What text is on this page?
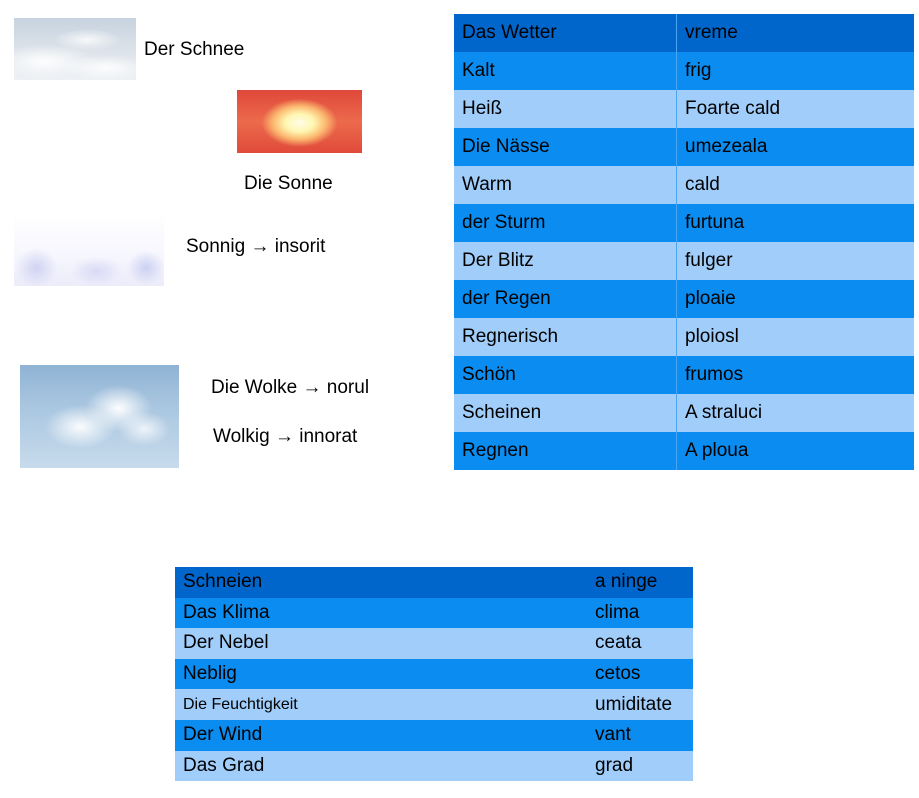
Der Schnee
Die Sonne
Sonnig → insorit
Die Wolke → norul
Wolkig → innorat
Das Wetter	vreme
Kalt	frig
Heiß	Foarte cald
Die Nässe	umezeala
Warm	cald
der Sturm	furtuna
Der Blitz	fulger
der Regen	ploaie
Regnerisch	ploiosl
Schön	frumos
Scheinen	A straluci
Regnen	A ploua
Schneien	a ninge
Das Klima	clima
Der Nebel	ceata
Neblig	cetos
Die Feuchtigkeit	umiditate
Der Wind	vant
Das Grad	grad
